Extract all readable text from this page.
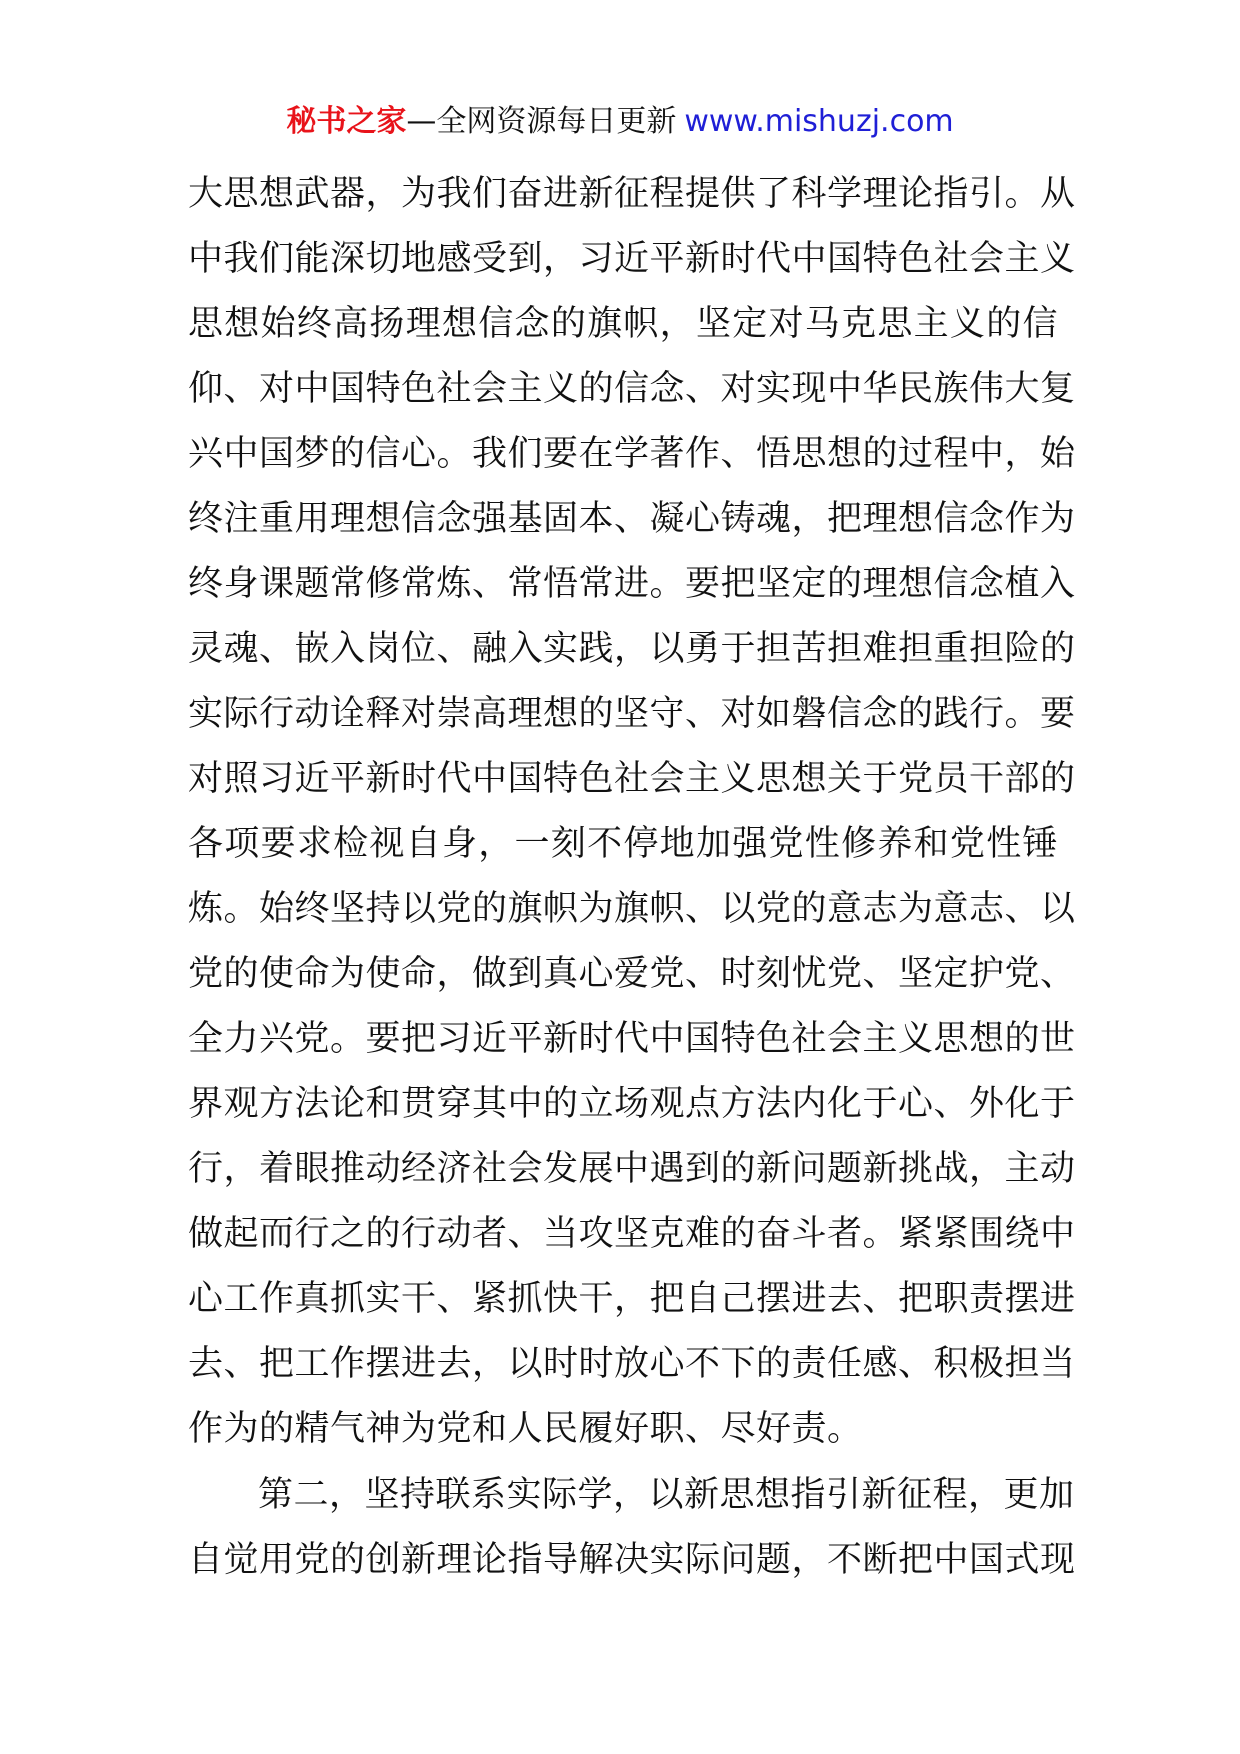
秘书之家—全网资源每日更新 www.mishuzj.com
大思想武器，为我们奋进新征程提供了科学理论指引。从
中我们能深切地感受到，习近平新时代中国特色社会主义
思想始终高扬理想信念的旗帜，坚定对马克思主义的信
仰、对中国特色社会主义的信念、对实现中华民族伟大复
兴中国梦的信心。我们要在学著作、悟思想的过程中，始
终注重用理想信念强基固本、凝心铸魂，把理想信念作为
终身课题常修常炼、常悟常进。要把坚定的理想信念植入
灵魂、嵌入岗位、融入实践，以勇于担苦担难担重担险的
实际行动诠释对崇高理想的坚守、对如磐信念的践行。要
对照习近平新时代中国特色社会主义思想关于党员干部的
各项要求检视自身，一刻不停地加强党性修养和党性锤
炼。始终坚持以党的旗帜为旗帜、以党的意志为意志、以
党的使命为使命，做到真心爱党、时刻忧党、坚定护党、
全力兴党。要把习近平新时代中国特色社会主义思想的世
界观方法论和贯穿其中的立场观点方法内化于心、外化于
行，着眼推动经济社会发展中遇到的新问题新挑战，主动
做起而行之的行动者、当攻坚克难的奋斗者。紧紧围绕中
心工作真抓实干、紧抓快干，把自己摆进去、把职责摆进
去、把工作摆进去，以时时放心不下的责任感、积极担当
作为的精气神为党和人民履好职、尽好责。
第二，坚持联系实际学，以新思想指引新征程，更加
自觉用党的创新理论指导解决实际问题，不断把中国式现
